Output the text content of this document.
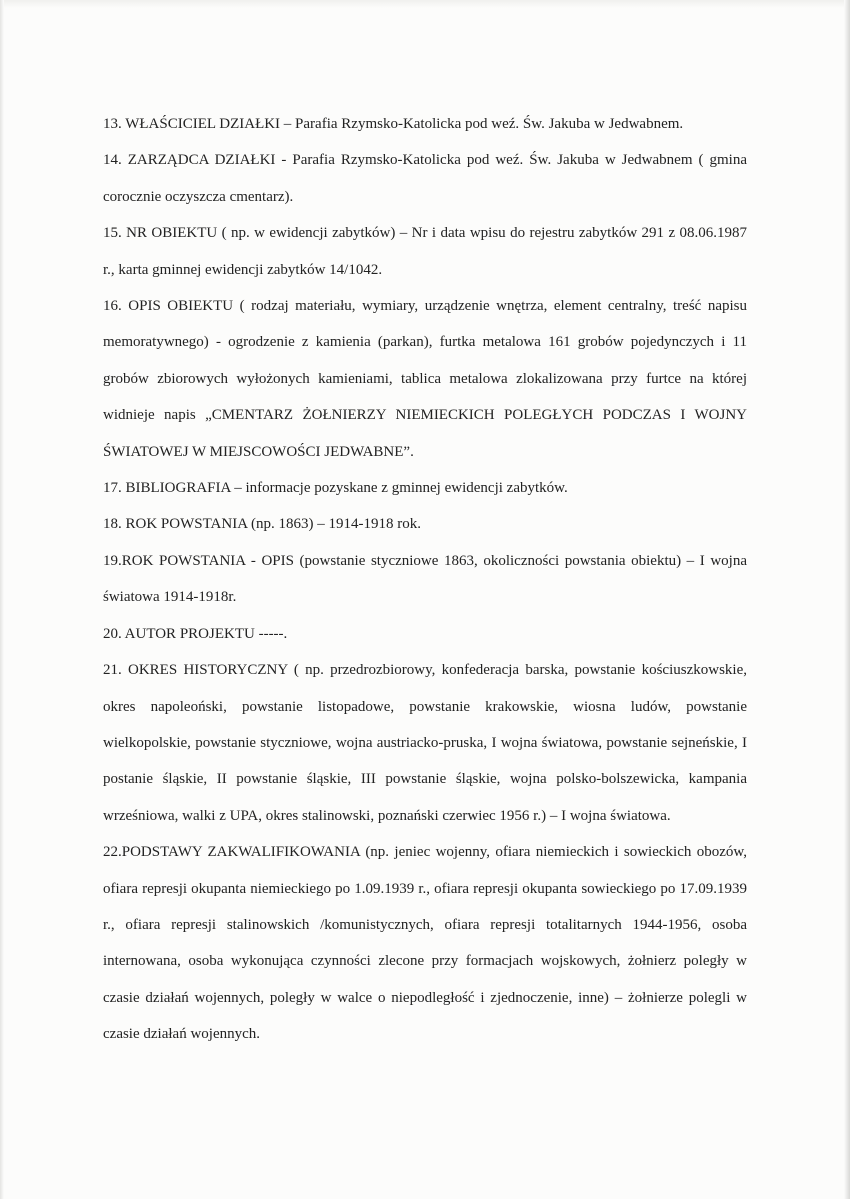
13. WŁAŚCICIEL DZIAŁKI – Parafia Rzymsko-Katolicka pod weź. Św. Jakuba w Jedwabnem.

14. ZARZĄDCA DZIAŁKI - Parafia Rzymsko-Katolicka pod weź. Św. Jakuba w Jedwabnem ( gmina corocznie oczyszcza cmentarz).

15. NR OBIEKTU ( np. w ewidencji zabytków) – Nr i data wpisu do rejestru zabytków 291 z 08.06.1987 r., karta gminnej ewidencji zabytków 14/1042.

16. OPIS OBIEKTU ( rodzaj materiału, wymiary, urządzenie wnętrza, element centralny, treść napisu memoratywnego) - ogrodzenie z kamienia (parkan), furtka metalowa 161 grobów pojedynczych i 11 grobów zbiorowych wyłożonych kamieniami, tablica metalowa zlokalizowana przy furtce na której widnieje napis „CMENTARZ ŻOŁNIERZY NIEMIECKICH POLEGŁYCH PODCZAS I WOJNY ŚWIATOWEJ W MIEJSCOWOŚCI JEDWABNE”.

17. BIBLIOGRAFIA – informacje pozyskane z gminnej ewidencji zabytków.

18. ROK POWSTANIA (np. 1863) – 1914-1918 rok.

19.ROK POWSTANIA - OPIS (powstanie styczniowe 1863, okoliczności powstania obiektu) – I wojna światowa 1914-1918r.

20. AUTOR PROJEKTU -----.

21. OKRES HISTORYCZNY ( np. przedrozbiorowy, konfederacja barska, powstanie kościuszkowskie, okres napoleoński, powstanie listopadowe, powstanie krakowskie, wiosna ludów, powstanie wielkopolskie, powstanie styczniowe, wojna austriacko-pruska, I wojna światowa, powstanie sejneńskie, I postanie śląskie, II powstanie śląskie, III powstanie śląskie, wojna polsko-bolszewicka, kampania wrześniowa, walki z UPA, okres stalinowski, poznański czerwiec 1956 r.) – I wojna światowa.

22.PODSTAWY ZAKWALIFIKOWANIA (np. jeniec wojenny, ofiara niemieckich i sowieckich obozów, ofiara represji okupanta niemieckiego po 1.09.1939 r., ofiara represji okupanta sowieckiego po 17.09.1939 r., ofiara represji stalinowskich /komunistycznych, ofiara represji totalitarnych 1944-1956, osoba internowana, osoba wykonująca czynności zlecone przy formacjach wojskowych, żołnierz poległy w czasie działań wojennych, poległy w walce o niepodległość i zjednoczenie, inne) – żołnierze polegli w czasie działań wojennych.
